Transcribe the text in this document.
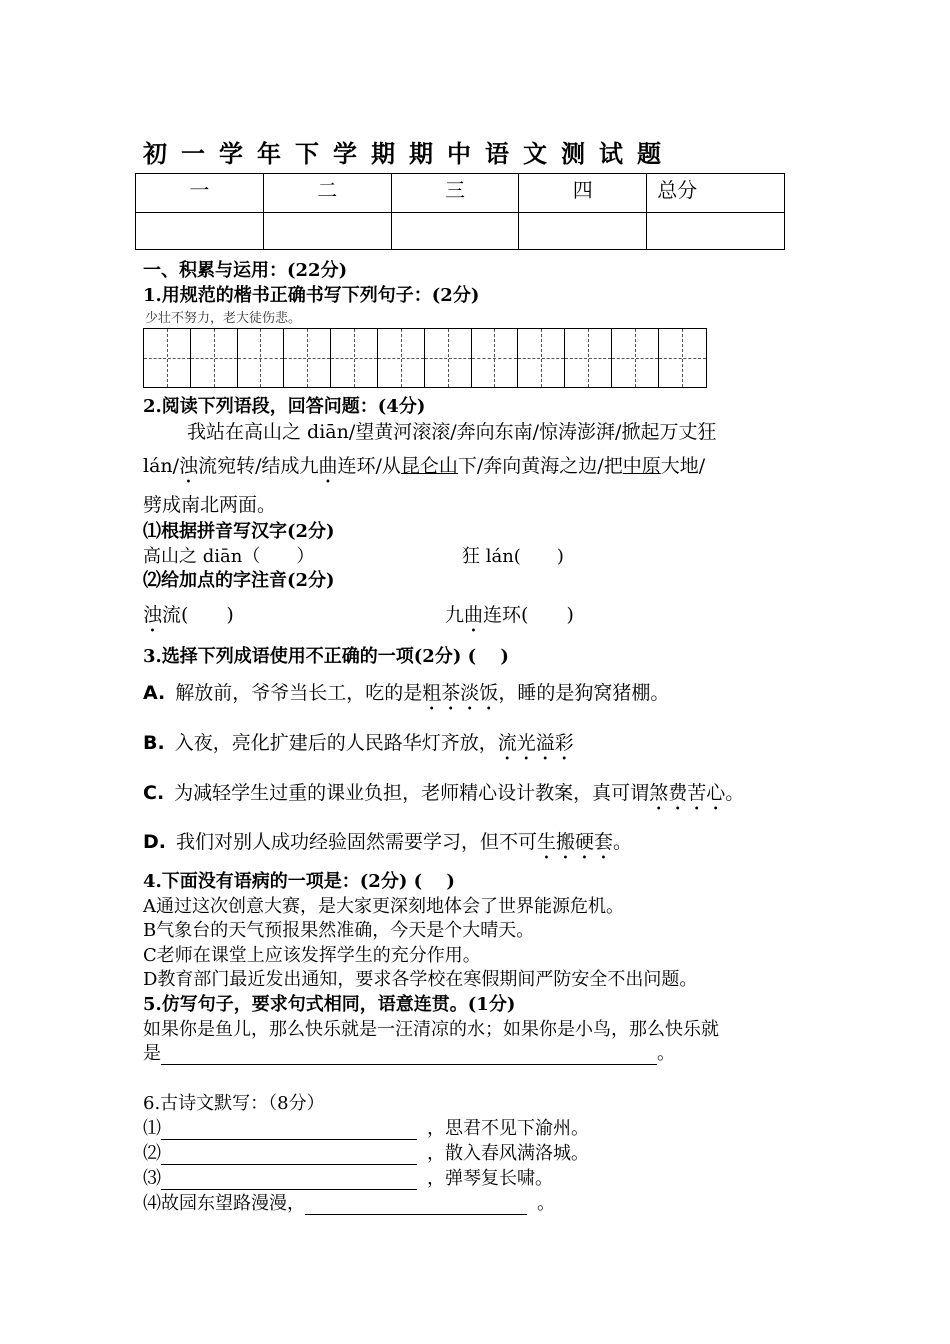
初一学年下学期期中语文测试题
一	二	三	四	总分

一、积累与运用：(22分)
1.用规范的楷书正确书写下列句子：(2分)
少壮不努力，老大徒伤悲。
2.阅读下列语段，回答问题：(4分)
我站在高山之 diān/望黄河滚滚/奔向东南/惊涛澎湃/掀起万丈狂
lán/浊流宛转/结成九曲连环/从昆仑山下/奔向黄海之边/把中原大地/
劈成南北两面。
⑴根据拼音写汉字(2分)
高山之 diān（　　）	狂 lán(　　)
⑵给加点的字注音(2分)
浊流(　　)	九曲连环(　　)
3.选择下列成语使用不正确的一项(2分) (　 )
A. 解放前，爷爷当长工，吃的是粗茶淡饭，睡的是狗窝猪棚。
B. 入夜，亮化扩建后的人民路华灯齐放，流光溢彩
C. 为减轻学生过重的课业负担，老师精心设计教案，真可谓煞费苦心。
D. 我们对别人成功经验固然需要学习，但不可生搬硬套。
4.下面没有语病的一项是：(2分) (　 )
A通过这次创意大赛，是大家更深刻地体会了世界能源危机。
B气象台的天气预报果然准确，今天是个大晴天。
C老师在课堂上应该发挥学生的充分作用。
D教育部门最近发出通知，要求各学校在寒假期间严防安全不出问题。
5.仿写句子，要求句式相同，语意连贯。(1分)
如果你是鱼儿，那么快乐就是一汪清凉的水；如果你是小鸟，那么快乐就
是	。
6.古诗文默写：（8分）
⑴	，思君不见下渝州。
⑵	，散入春风满洛城。
⑶	，弹琴复长啸。
⑷故园东望路漫漫，	。
